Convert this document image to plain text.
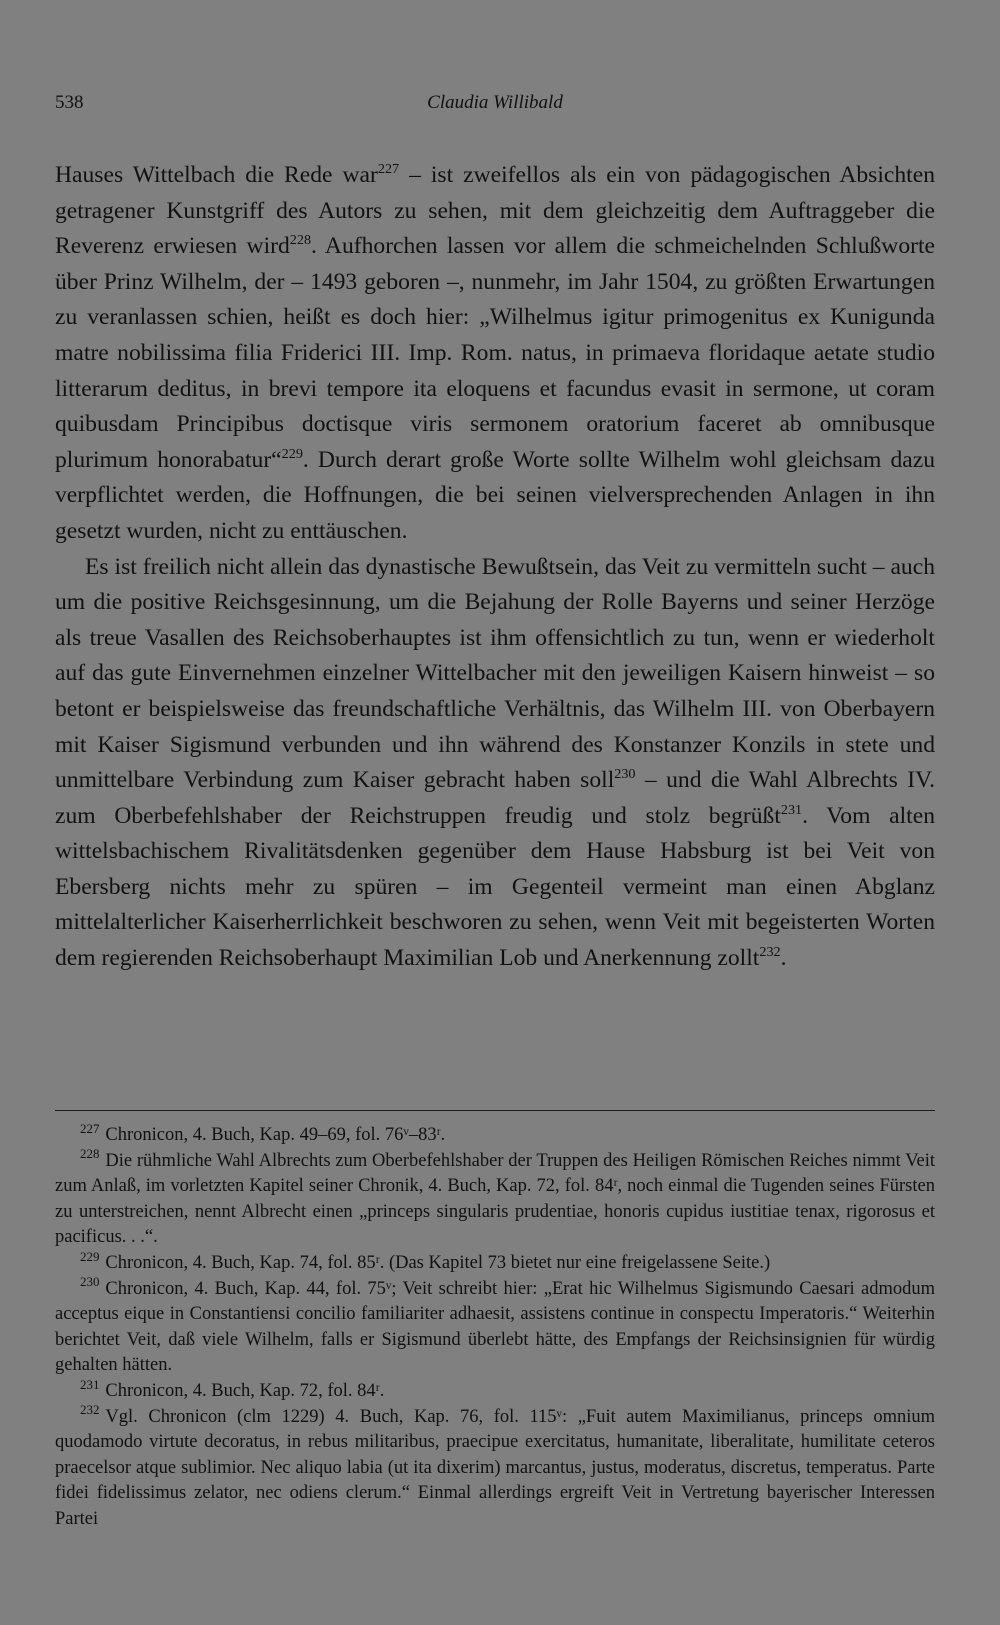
538	Claudia Willibald

Hauses Wittelbach die Rede war$^{227}$ – ist zweifellos als ein von pädagogischen Absichten getragener Kunstgriff des Autors zu sehen, mit dem gleichzeitig dem Auftraggeber die Reverenz erwiesen wird$^{228}$. Aufhorchen lassen vor allem die schmeichelnden Schlußworte über Prinz Wilhelm, der – 1493 geboren –, nunmehr, im Jahr 1504, zu größten Erwartungen zu veranlassen schien, heißt es doch hier: „Wilhelmus igitur primogenitus ex Kunigunda matre nobilissima filia Friderici III. Imp. Rom. natus, in primaeva floridaque aetate studio litterarum deditus, in brevi tempore ita eloquens et facundus evasit in sermone, ut coram quibusdam Principibus doctisque viris sermonem oratorium faceret ab omnibusque plurimum honorabatur“$^{229}$. Durch derart große Worte sollte Wilhelm wohl gleichsam dazu verpflichtet werden, die Hoffnungen, die bei seinen vielversprechenden Anlagen in ihn gesetzt wurden, nicht zu enttäuschen.

Es ist freilich nicht allein das dynastische Bewußtsein, das Veit zu vermitteln sucht – auch um die positive Reichsgesinnung, um die Bejahung der Rolle Bayerns und seiner Herzöge als treue Vasallen des Reichsoberhauptes ist ihm offensichtlich zu tun, wenn er wiederholt auf das gute Einvernehmen einzelner Wittelbacher mit den jeweiligen Kaisern hinweist – so betont er beispielsweise das freundschaftliche Verhältnis, das Wilhelm III. von Oberbayern mit Kaiser Sigismund verbunden und ihn während des Konstanzer Konzils in stete und unmittelbare Verbindung zum Kaiser gebracht haben soll$^{230}$ – und die Wahl Albrechts IV. zum Oberbefehlshaber der Reichstruppen freudig und stolz begrüßt$^{231}$. Vom alten wittelsbachischem Rivalitätsdenken gegenüber dem Hause Habsburg ist bei Veit von Ebersberg nichts mehr zu spüren – im Gegenteil vermeint man einen Abglanz mittelalterlicher Kaiserherrlichkeit beschworen zu sehen, wenn Veit mit begeisterten Worten dem regierenden Reichsoberhaupt Maximilian Lob und Anerkennung zollt$^{232}$.

$^{227}$ Chronicon, 4. Buch, Kap. 49–69, fol. 76ᵛ–83ʳ.

$^{228}$ Die rühmliche Wahl Albrechts zum Oberbefehlshaber der Truppen des Heiligen Römischen Reiches nimmt Veit zum Anlaß, im vorletzten Kapitel seiner Chronik, 4. Buch, Kap. 72, fol. 84ʳ, noch einmal die Tugenden seines Fürsten zu unterstreichen, nennt Albrecht einen „princeps singularis prudentiae, honoris cupidus iustitiae tenax, rigorosus et pacificus. . .“.

$^{229}$ Chronicon, 4. Buch, Kap. 74, fol. 85ʳ. (Das Kapitel 73 bietet nur eine freigelassene Seite.)

$^{230}$ Chronicon, 4. Buch, Kap. 44, fol. 75ᵛ; Veit schreibt hier: „Erat hic Wilhelmus Sigismundo Caesari admodum acceptus eique in Constantiensi concilio familiariter adhaesit, assistens continue in conspectu Imperatoris.“ Weiterhin berichtet Veit, daß viele Wilhelm, falls er Sigismund überlebt hätte, des Empfangs der Reichsinsignien für würdig gehalten hätten.

$^{231}$ Chronicon, 4. Buch, Kap. 72, fol. 84ʳ.

$^{232}$ Vgl. Chronicon (clm 1229) 4. Buch, Kap. 76, fol. 115ᵛ: „Fuit autem Maximilianus, princeps omnium quodamodo virtute decoratus, in rebus militaribus, praecipue exercitatus, humanitate, liberalitate, humilitate ceteros praecelsor atque sublimior. Nec aliquo labia (ut ita dixerim) marcantus, justus, moderatus, discretus, temperatus. Parte fidei fidelissimus zelator, nec odiens clerum.“ Einmal allerdings ergreift Veit in Vertretung bayerischer Interessen Partei
